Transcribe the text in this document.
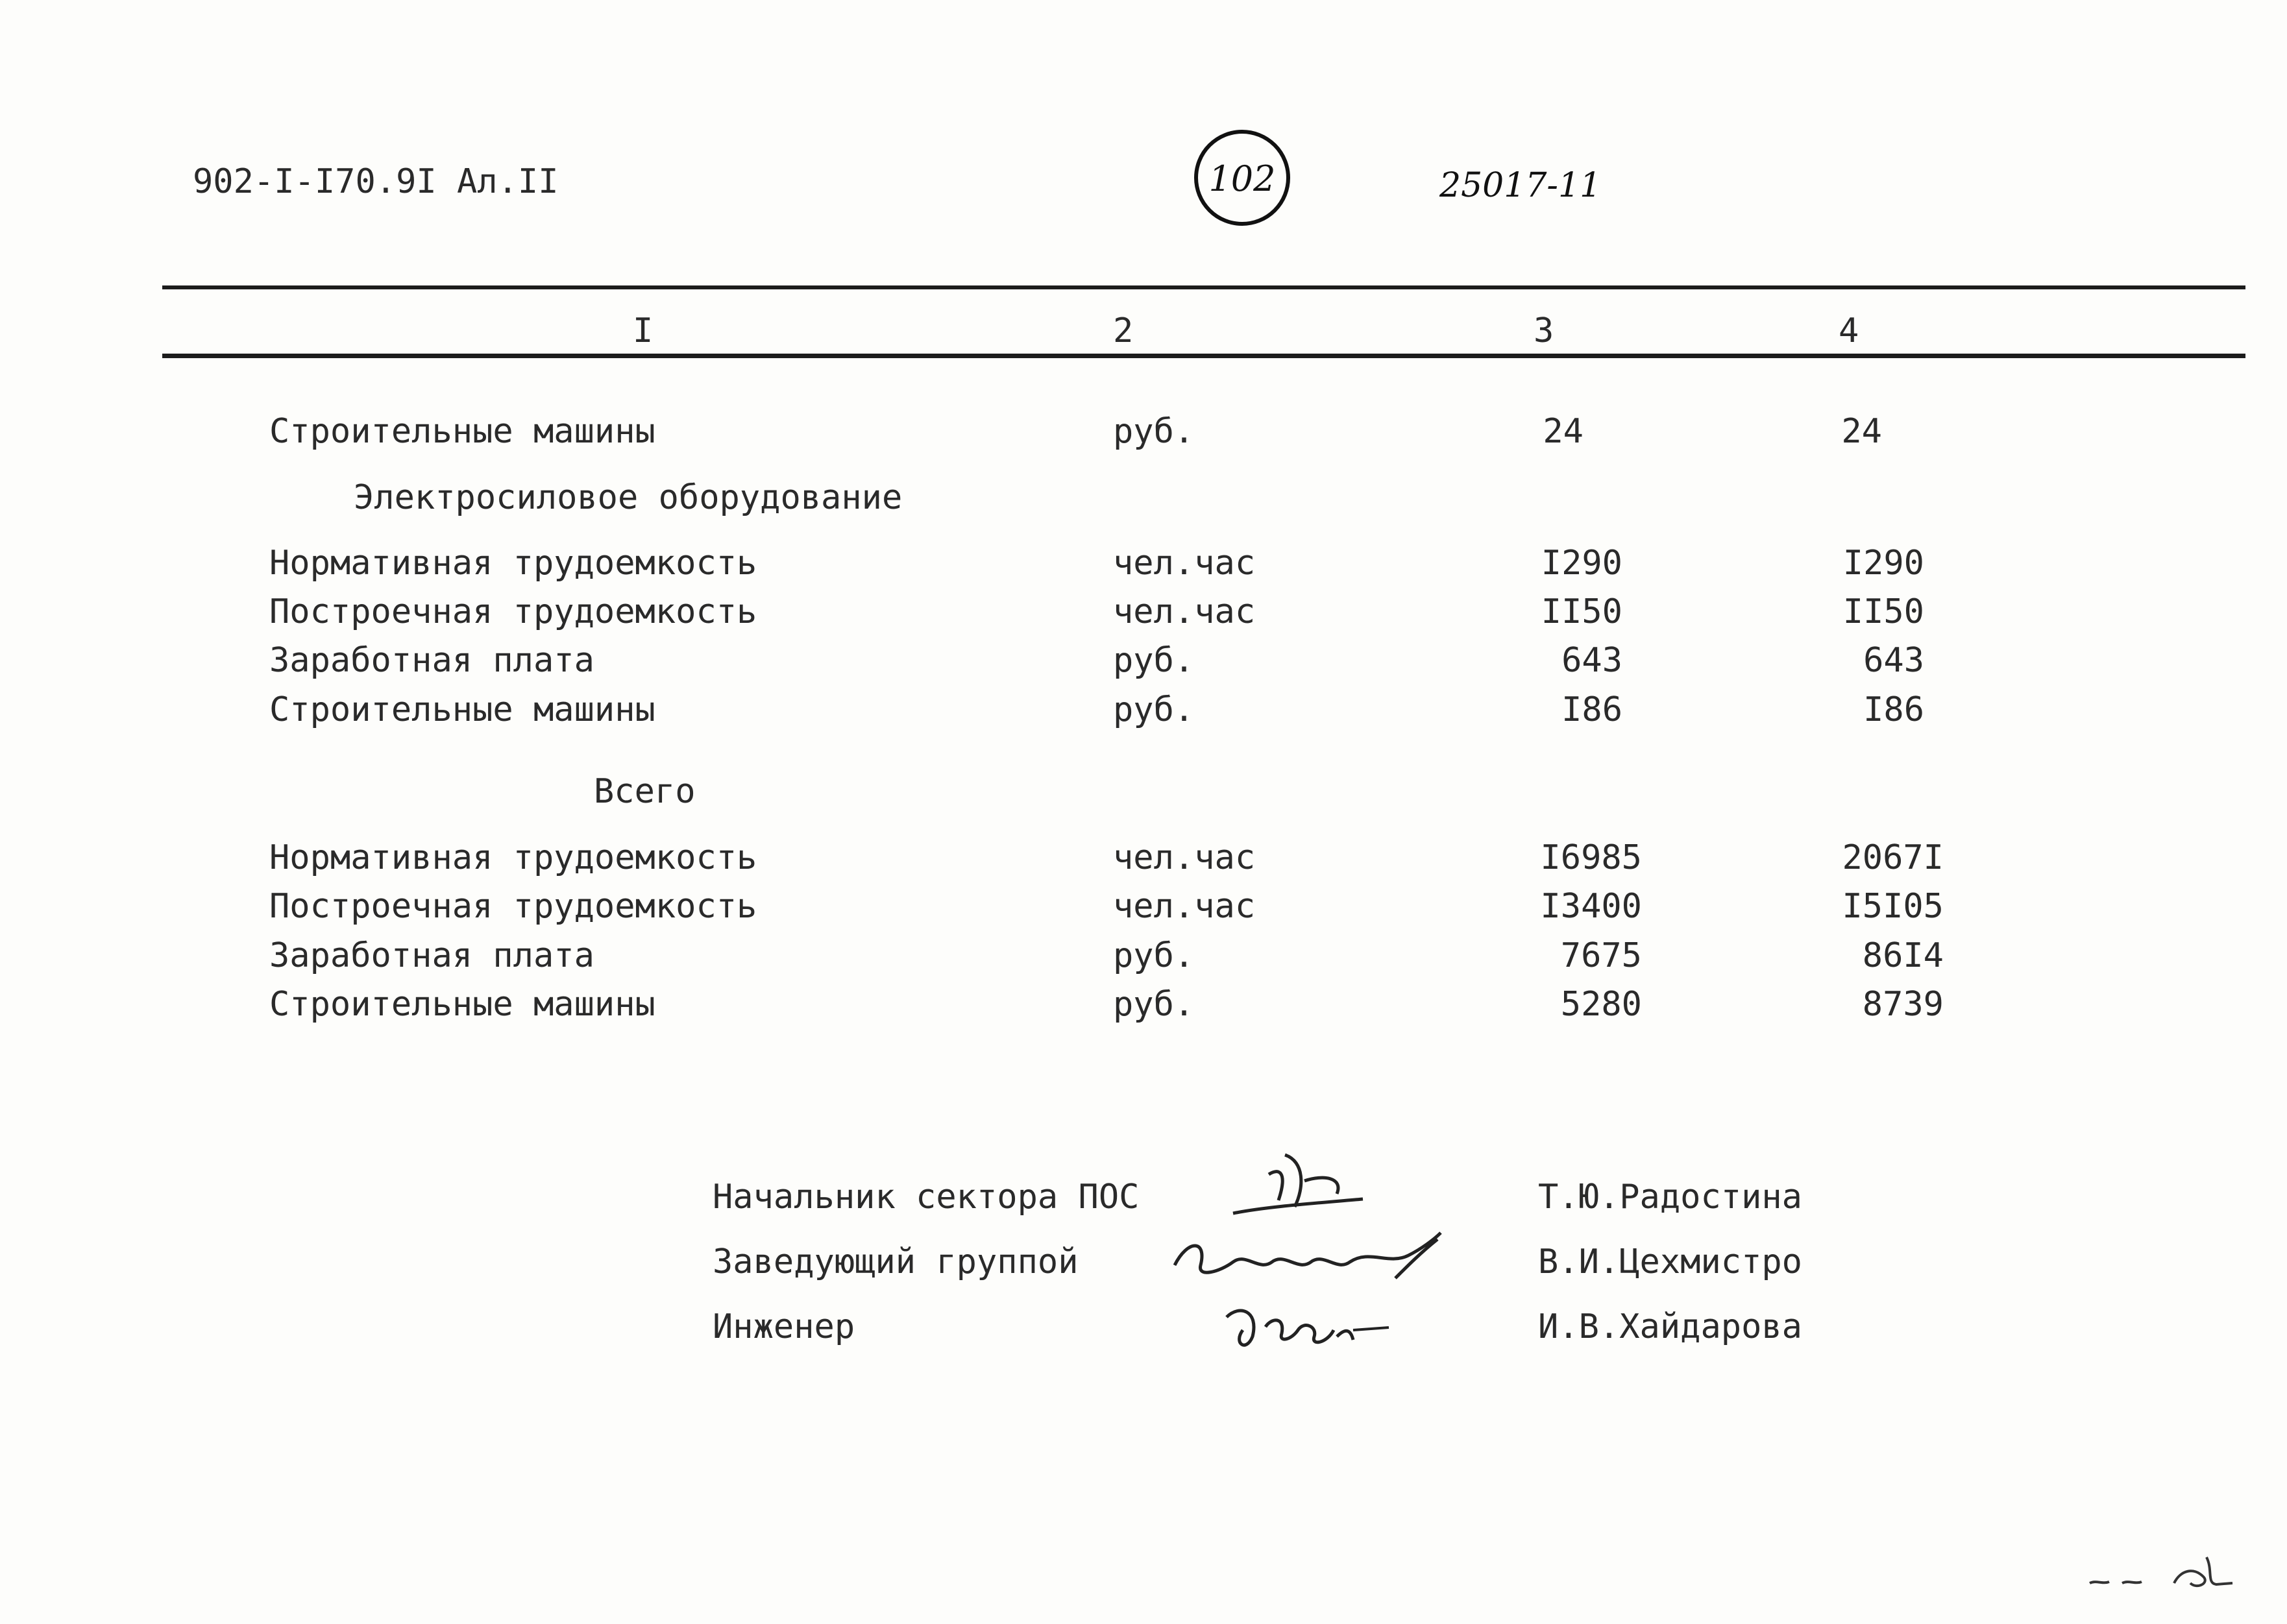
902-I-I70.9I Ал.II	102	25017-11
I	2	3	4
Строительные машины	руб.	24	24
Электросиловое оборудование
Нормативная трудоемкость	чел.час	I290	I290
Построечная трудоемкость	чел.час	II50	II50
Заработная плата	руб.	643	643
Строительные машины	руб.	I86	I86
Всего
Нормативная трудоемкость	чел.час	I6985	2067I
Построечная трудоемкость	чел.час	I3400	I5I05
Заработная плата	руб.	7675	86I4
Строительные машины	руб.	5280	8739
Начальник сектора ПОС	Т.Ю.Радостина
Заведующий группой	В.И.Цехмистро
Инженер	И.В.Хайдарова
